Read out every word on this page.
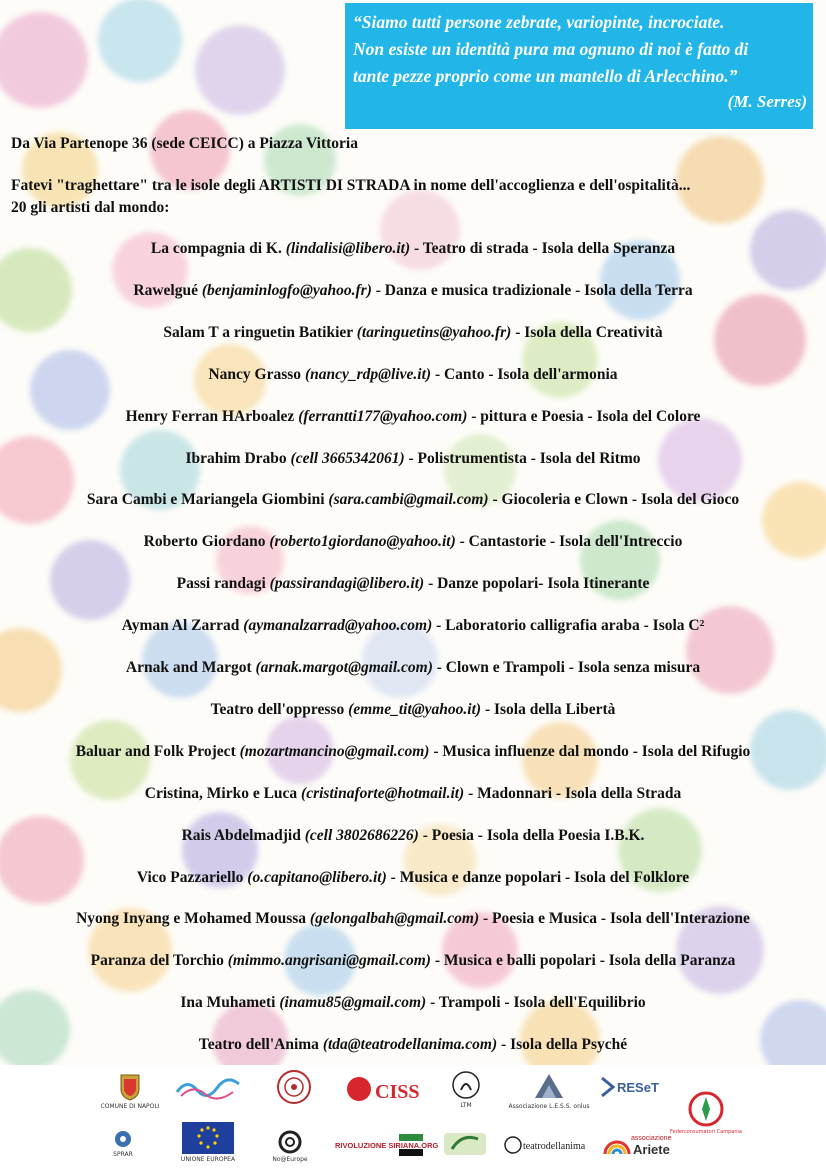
“Siamo tutti persone zebrate, variopinte, incrociate.

Non esiste un identità pura ma ognuno di noi è fatto di

tante pezze proprio come un mantello di Arlecchino.”

(M. Serres)
Da Via Partenope 36 (sede CEICC) a Piazza Vittoria
Fatevi "traghettare" tra le isole degli ARTISTI DI STRADA in nome dell'accoglienza e dell'ospitalità...
20 gli artisti dal mondo:
La compagnia di K. (lindalisi@libero.it) - Teatro di strada - Isola della Speranza
Rawelgué (benjaminlogfo@yahoo.fr) - Danza e musica tradizionale - Isola della Terra
Salam T a ringuetin Batikier (taringuetins@yahoo.fr) - Isola della Creatività
Nancy Grasso (nancy_rdp@live.it) - Canto - Isola dell'armonia
Henry Ferran HArboalez (ferrantti177@yahoo.com) - pittura e Poesia - Isola del Colore
Ibrahim Drabo (cell 3665342061) - Polistrumentista - Isola del Ritmo
Sara Cambi e Mariangela Giombini (sara.cambi@gmail.com) - Giocoleria e Clown - Isola del Gioco
Roberto Giordano (roberto1giordano@yahoo.it) - Cantastorie - Isola dell'Intreccio
Passi randagi (passirandagi@libero.it) - Danze popolari- Isola Itinerante
Ayman Al Zarrad (aymanalzarrad@yahoo.com) - Laboratorio calligrafia araba - Isola C²
Arnak and Margot (arnak.margot@gmail.com) - Clown e Trampoli - Isola senza misura
Teatro dell'oppresso (emme_tit@yahoo.it) - Isola della Libertà
Baluar and Folk Project (mozartmancino@gmail.com) - Musica influenze dal mondo - Isola del Rifugio
Cristina, Mirko e Luca (cristinaforte@hotmail.it) - Madonnari - Isola della Strada
Rais Abdelmadjid (cell 3802686226) - Poesia - Isola della Poesia I.B.K.
Vico Pazzariello (o.capitano@libero.it) - Musica e danze popolari - Isola del Folklore
Nyong Inyang e Mohamed Moussa (gelongalbah@gmail.com) - Poesia e Musica - Isola dell'Interazione
Paranza del Torchio (mimmo.angrisani@gmail.com) - Musica e balli popolari - Isola della Paranza
Ina Muhameti (inamu85@gmail.com) - Trampoli - Isola dell'Equilibrio
Teatro dell'Anima (tda@teatrodellanima.com) - Isola della Psyché
COMUNE DI NAPOLI
CISS
LTM	Associazione L.E.S.S. onlus
RESeT
Federconsumatori Campania
SPRAR
UNIONE EUROPEA	No@Europe
RIVOLUZIONE SIRIANA.ORG	teatrodellanima
associazione
Ariete
